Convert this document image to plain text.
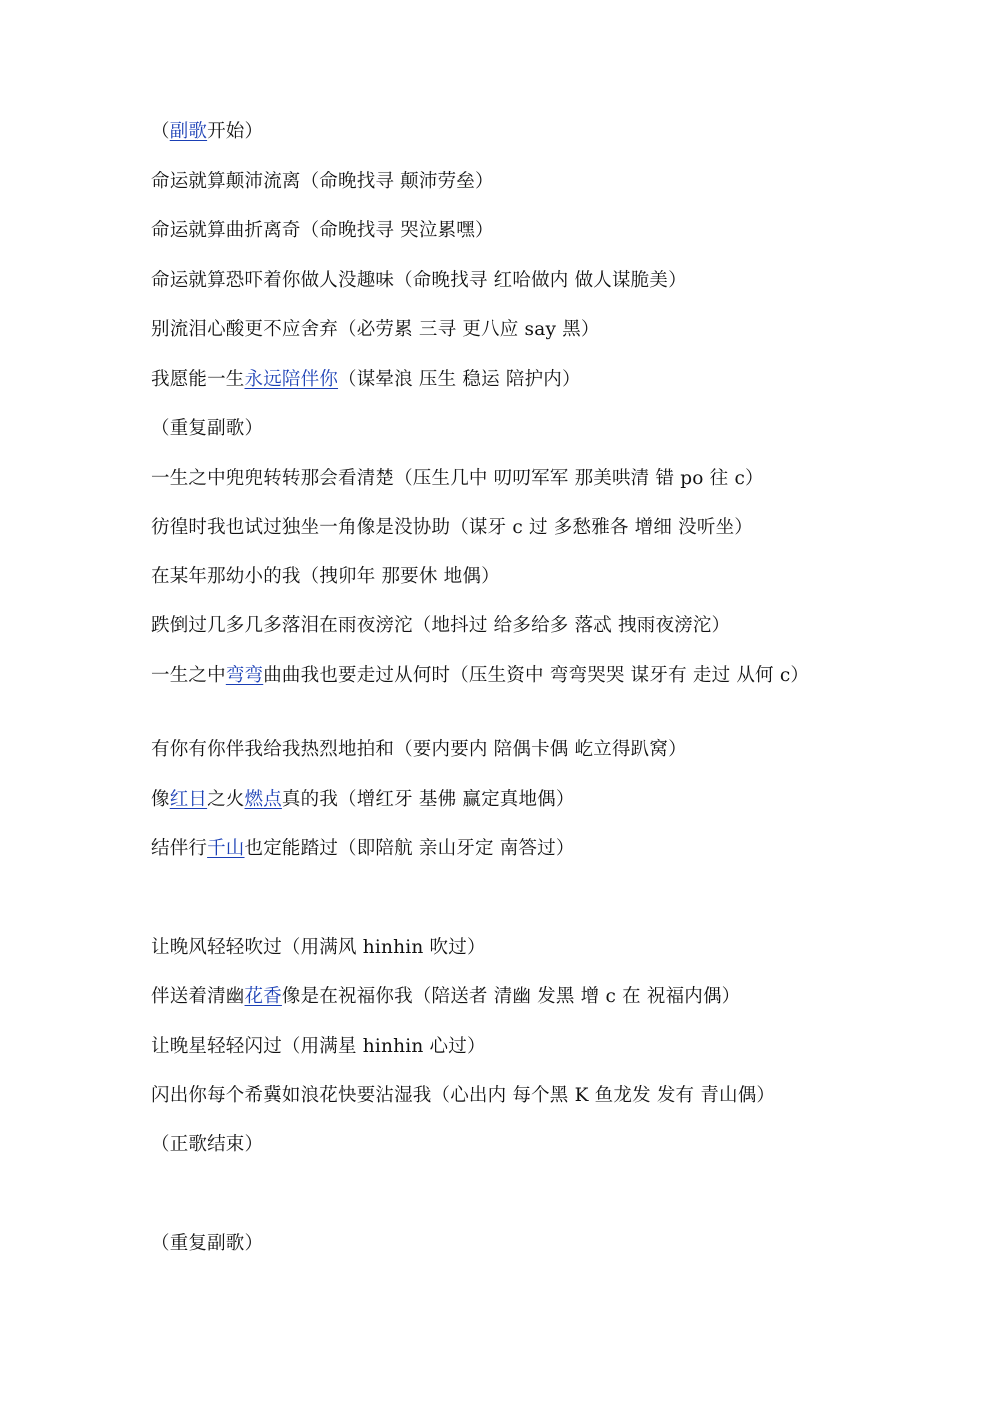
（副歌开始）

命运就算颠沛流离（命晚找寻 颠沛劳垒）

命运就算曲折离奇（命晚找寻 哭泣累嘿）

命运就算恐吓着你做人没趣味（命晚找寻 红哈做内 做人谋脆美）

别流泪心酸更不应舍弃（必劳累 三寻 更八应 say 黑）

我愿能一生永远陪伴你（谋晕浪 压生 稳运 陪护内）

（重复副歌）

一生之中兜兜转转那会看清楚（压生几中 叨叨军军 那美哄清 错 po 往 c）

彷徨时我也试过独坐一角像是没协助（谋牙 c 过 多愁雅各 增细 没听坐）

在某年那幼小的我（拽卯年 那要休 地偶）

跌倒过几多几多落泪在雨夜滂沱（地抖过 给多给多 落忒 拽雨夜滂沱）

一生之中弯弯曲曲我也要走过从何时（压生资中 弯弯哭哭 谋牙有 走过 从何 c）

有你有你伴我给我热烈地拍和（要内要内 陪偶卡偶 屹立得趴窝）

像红日之火燃点真的我（增红牙 基佛 赢定真地偶）

结伴行千山也定能踏过（即陪航 亲山牙定 南答过）

让晚风轻轻吹过（用满风 hinhin 吹过）

伴送着清幽花香像是在祝福你我（陪送者 清幽 发黑 增 c 在 祝福内偶）

让晚星轻轻闪过（用满星 hinhin 心过）

闪出你每个希冀如浪花快要沾湿我（心出内 每个黑 K 鱼龙发 发有 青山偶）

（正歌结束）

（重复副歌）
